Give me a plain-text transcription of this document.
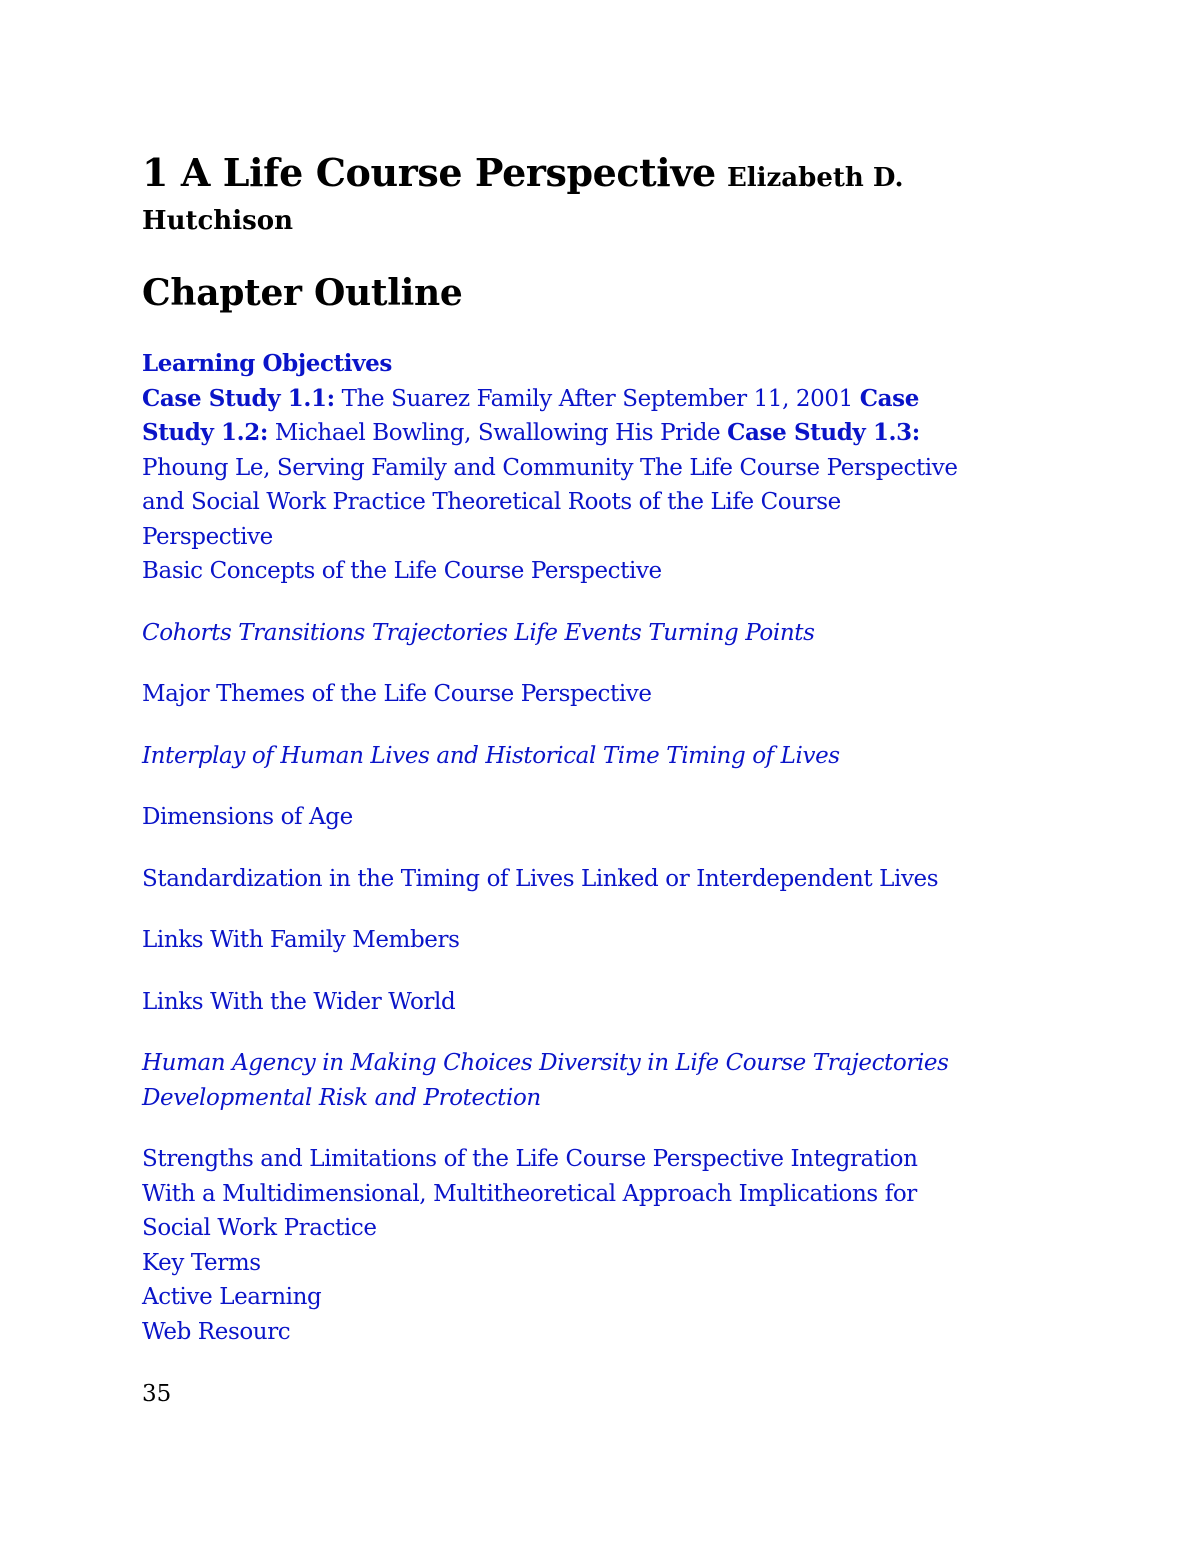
1 A Life Course Perspective Elizabeth D.
Hutchison
Chapter Outline

Learning Objectives

Case Study 1.1: The Suarez Family After September 11, 2001 Case
Study 1.2: Michael Bowling, Swallowing His Pride Case Study 1.3:
Phoung Le, Serving Family and Community The Life Course Perspective
and Social Work Practice Theoretical Roots of the Life Course
Perspective

Basic Concepts of the Life Course Perspective

Cohorts Transitions Trajectories Life Events Turning Points

Major Themes of the Life Course Perspective

Interplay of Human Lives and Historical Time Timing of Lives

Dimensions of Age

Standardization in the Timing of Lives Linked or Interdependent Lives

Links With Family Members

Links With the Wider World

Human Agency in Making Choices Diversity in Life Course Trajectories
Developmental Risk and Protection

Strengths and Limitations of the Life Course Perspective Integration
With a Multidimensional, Multitheoretical Approach Implications for
Social Work Practice

Key Terms

Active Learning

Web Resourc

35
